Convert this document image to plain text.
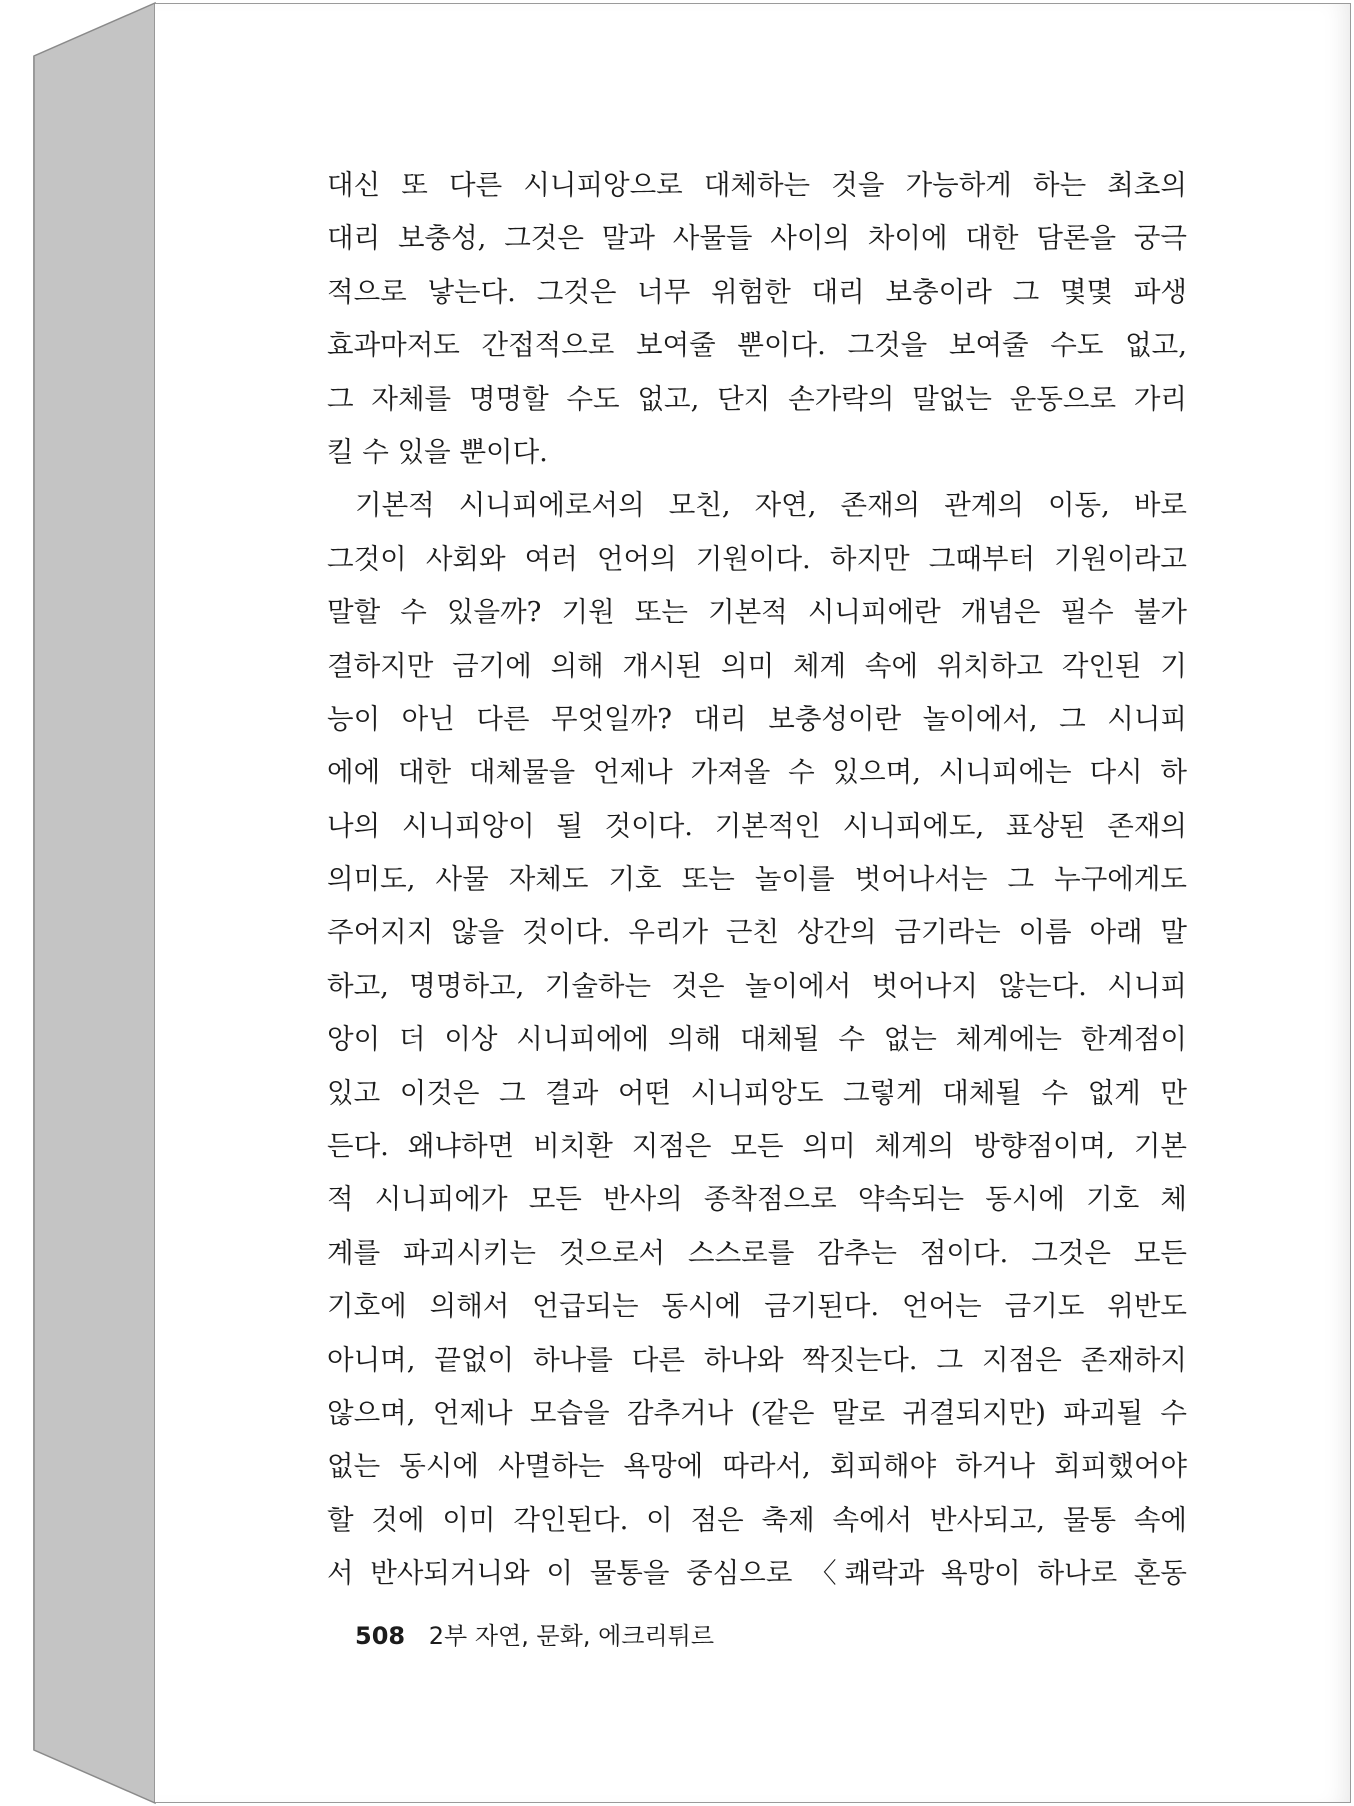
대신 또 다른 시니피앙으로 대체하는 것을 가능하게 하는 최초의
대리 보충성, 그것은 말과 사물들 사이의 차이에 대한 담론을 궁극
적으로 낳는다. 그것은 너무 위험한 대리 보충이라 그 몇몇 파생
효과마저도 간접적으로 보여줄 뿐이다. 그것을 보여줄 수도 없고,
그 자체를 명명할 수도 없고, 단지 손가락의 말없는 운동으로 가리
킬 수 있을 뿐이다.
기본적 시니피에로서의 모친, 자연, 존재의 관계의 이동, 바로
그것이 사회와 여러 언어의 기원이다. 하지만 그때부터 기원이라고
말할 수 있을까? 기원 또는 기본적 시니피에란 개념은 필수 불가
결하지만 금기에 의해 개시된 의미 체계 속에 위치하고 각인된 기
능이 아닌 다른 무엇일까? 대리 보충성이란 놀이에서, 그 시니피
에에 대한 대체물을 언제나 가져올 수 있으며, 시니피에는 다시 하
나의 시니피앙이 될 것이다. 기본적인 시니피에도, 표상된 존재의
의미도, 사물 자체도 기호 또는 놀이를 벗어나서는 그 누구에게도
주어지지 않을 것이다. 우리가 근친 상간의 금기라는 이름 아래 말
하고, 명명하고, 기술하는 것은 놀이에서 벗어나지 않는다. 시니피
앙이 더 이상 시니피에에 의해 대체될 수 없는 체계에는 한계점이
있고 이것은 그 결과 어떤 시니피앙도 그렇게 대체될 수 없게 만
든다. 왜냐하면 비치환 지점은 모든 의미 체계의 방향점이며, 기본
적 시니피에가 모든 반사의 종착점으로 약속되는 동시에 기호 체
계를 파괴시키는 것으로서 스스로를 감추는 점이다. 그것은 모든
기호에 의해서 언급되는 동시에 금기된다. 언어는 금기도 위반도
아니며, 끝없이 하나를 다른 하나와 짝짓는다. 그 지점은 존재하지
않으며, 언제나 모습을 감추거나 (같은 말로 귀결되지만) 파괴될 수
없는 동시에 사멸하는 욕망에 따라서, 회피해야 하거나 회피했어야
할 것에 이미 각인된다. 이 점은 축제 속에서 반사되고, 물통 속에
서 반사되거니와 이 물통을 중심으로 〈쾌락과 욕망이 하나로 혼동
508 2부 자연, 문화, 에크리튀르
